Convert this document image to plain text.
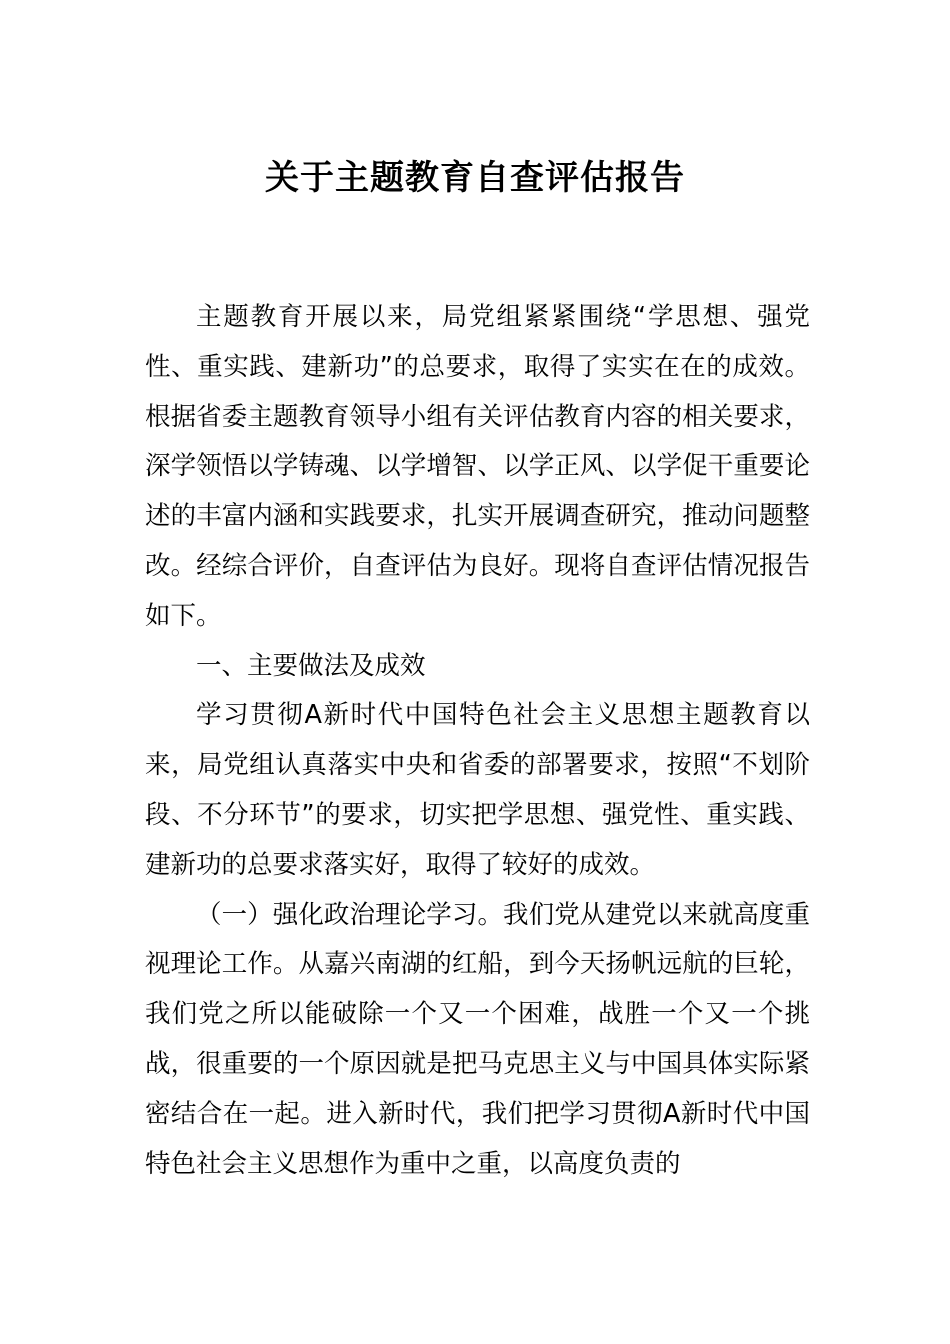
关于主题教育自查评估报告

主题教育开展以来，局党组紧紧围绕“学思想、强党性、重实践、建新功”的总要求，取得了实实在在的成效。根据省委主题教育领导小组有关评估教育内容的相关要求，深学领悟以学铸魂、以学增智、以学正风、以学促干重要论述的丰富内涵和实践要求，扎实开展调查研究，推动问题整改。经综合评价，自查评估为良好。现将自查评估情况报告如下。

一、主要做法及成效

学习贯彻A新时代中国特色社会主义思想主题教育以来，局党组认真落实中央和省委的部署要求，按照“不划阶段、不分环节”的要求，切实把学思想、强党性、重实践、建新功的总要求落实好，取得了较好的成效。

（一）强化政治理论学习。我们党从建党以来就高度重视理论工作。从嘉兴南湖的红船，到今天扬帆远航的巨轮，我们党之所以能破除一个又一个困难，战胜一个又一个挑战，很重要的一个原因就是把马克思主义与中国具体实际紧密结合在一起。进入新时代，我们把学习贯彻A新时代中国特色社会主义思想作为重中之重，以高度负责的
